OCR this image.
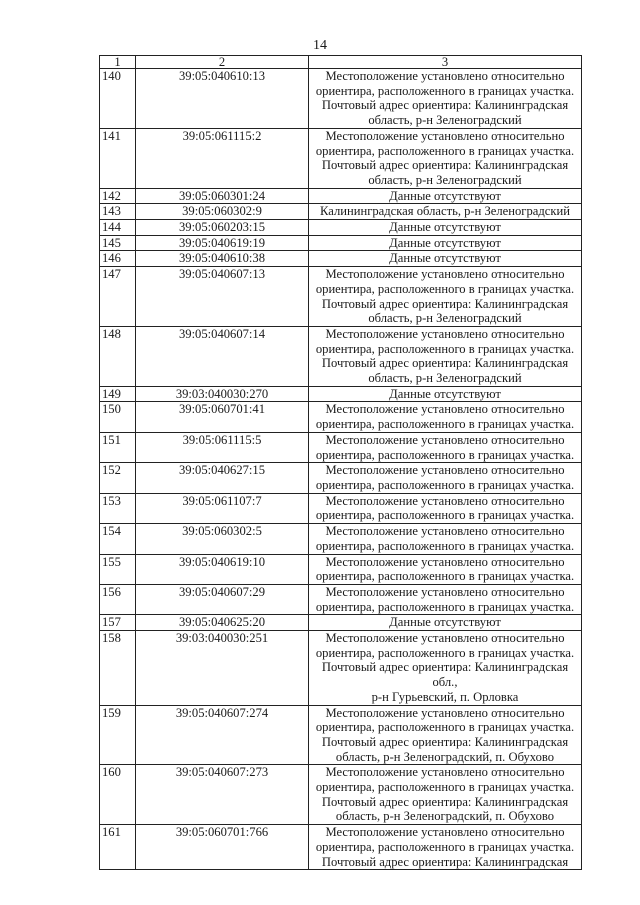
14
1	2	3
140	39:05:040610:13	Местоположение установлено относительно
ориентира, расположенного в границах участка.
Почтовый адрес ориентира: Калининградская
область, р-н Зеленоградский

141	39:05:061115:2	Местоположение установлено относительно
ориентира, расположенного в границах участка.
Почтовый адрес ориентира: Калининградская
область, р-н Зеленоградский

142	39:05:060301:24	Данные отсутствуют

143	39:05:060302:9	Калининградская область, р-н Зеленоградский

144	39:05:060203:15	Данные отсутствуют

145	39:05:040619:19	Данные отсутствуют

146	39:05:040610:38	Данные отсутствуют

147	39:05:040607:13	Местоположение установлено относительно
ориентира, расположенного в границах участка.
Почтовый адрес ориентира: Калининградская
область, р-н Зеленоградский

148	39:05:040607:14	Местоположение установлено относительно
ориентира, расположенного в границах участка.
Почтовый адрес ориентира: Калининградская
область, р-н Зеленоградский

149	39:03:040030:270	Данные отсутствуют

150	39:05:060701:41	Местоположение установлено относительно
ориентира, расположенного в границах участка.

151	39:05:061115:5	Местоположение установлено относительно
ориентира, расположенного в границах участка.

152	39:05:040627:15	Местоположение установлено относительно
ориентира, расположенного в границах участка.

153	39:05:061107:7	Местоположение установлено относительно
ориентира, расположенного в границах участка.

154	39:05:060302:5	Местоположение установлено относительно
ориентира, расположенного в границах участка.

155	39:05:040619:10	Местоположение установлено относительно
ориентира, расположенного в границах участка.

156	39:05:040607:29	Местоположение установлено относительно
ориентира, расположенного в границах участка.

157	39:05:040625:20	Данные отсутствуют

158	39:03:040030:251	Местоположение установлено относительно
ориентира, расположенного в границах участка.
Почтовый адрес ориентира: Калининградская обл.,
р-н Гурьевский, п. Орловка

159	39:05:040607:274	Местоположение установлено относительно
ориентира, расположенного в границах участка.
Почтовый адрес ориентира: Калининградская
область, р-н Зеленоградский, п. Обухово

160	39:05:040607:273	Местоположение установлено относительно
ориентира, расположенного в границах участка.
Почтовый адрес ориентира: Калининградская
область, р-н Зеленоградский, п. Обухово

161	39:05:060701:766	Местоположение установлено относительно
ориентира, расположенного в границах участка.
Почтовый адрес ориентира: Калининградская
